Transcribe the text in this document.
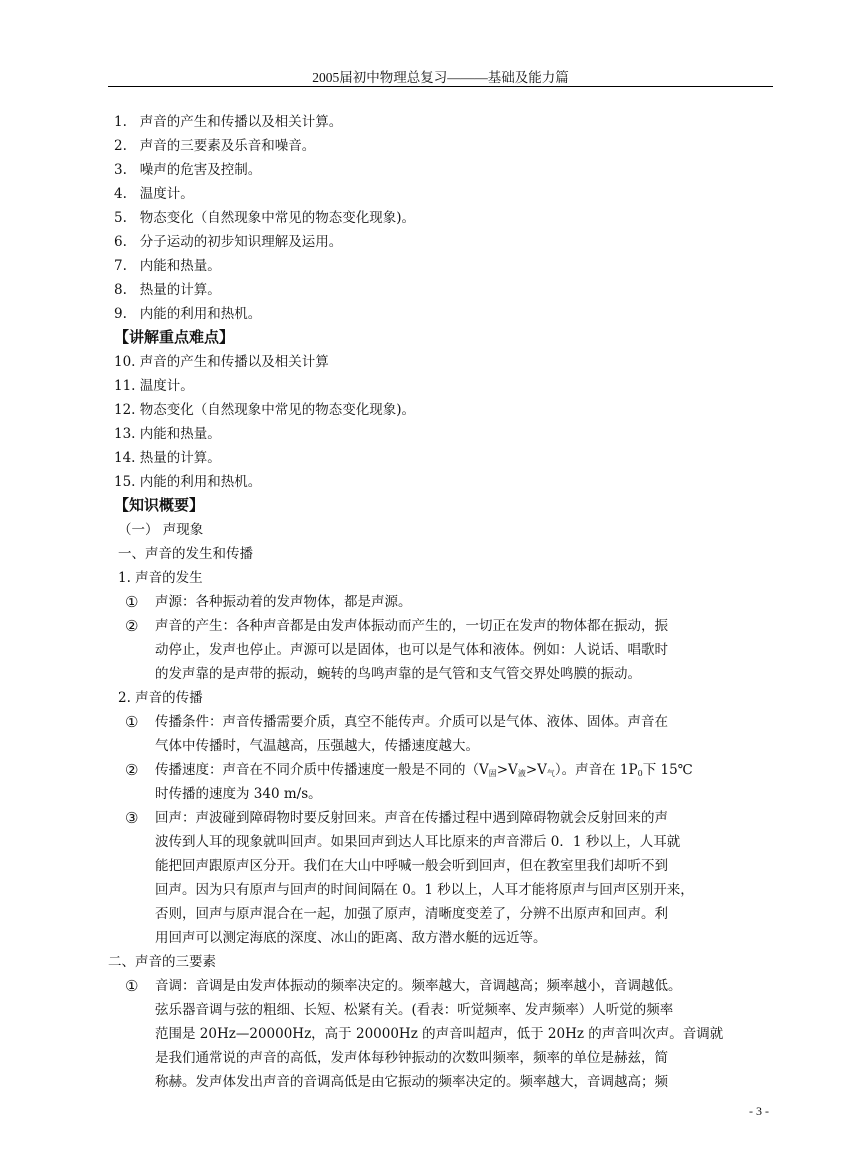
2005届初中物理总复习———基础及能力篇
1. 声音的产生和传播以及相关计算。
2. 声音的三要素及乐音和噪音。
3. 噪声的危害及控制。
4. 温度计。
5. 物态变化（自然现象中常见的物态变化现象)。
6. 分子运动的初步知识理解及运用。
7. 内能和热量。
8. 热量的计算。
9. 内能的利用和热机。
【讲解重点难点】
10. 声音的产生和传播以及相关计算
11. 温度计。
12. 物态变化（自然现象中常见的物态变化现象)。
13. 内能和热量。
14. 热量的计算。
15. 内能的利用和热机。
【知识概要】
（一） 声现象
一、声音的发生和传播
1. 声音的发生
① 声源：各种振动着的发声物体，都是声源。
② 声音的产生：各种声音都是由发声体振动而产生的，一切正在发声的物体都在振动，振
动停止，发声也停止。声源可以是固体，也可以是气体和液体。例如：人说话、唱歌时
的发声靠的是声带的振动，蜿转的鸟鸣声靠的是气管和支气管交界处鸣膜的振动。
2. 声音的传播
① 传播条件：声音传播需要介质，真空不能传声。介质可以是气体、液体、固体。声音在
气体中传播时，气温越高，压强越大，传播速度越大。
② 传播速度：声音在不同介质中传播速度一般是不同的$(V_固>V_液>V_气)$。声音在 $1P_0$下 15℃
时传播的速度为 340 m/s。
③ 回声：声波碰到障碍物时要反射回来。声音在传播过程中遇到障碍物就会反射回来的声
波传到人耳的现象就叫回声。如果回声到达人耳比原来的声音滞后 0．1 秒以上，人耳就
能把回声跟原声区分开。我们在大山中呼喊一般会听到回声，但在教室里我们却听不到
回声。因为只有原声与回声的时间间隔在 0。1 秒以上，人耳才能将原声与回声区别开来，
否则，回声与原声混合在一起，加强了原声，清晰度变差了，分辨不出原声和回声。利
用回声可以测定海底的深度、冰山的距离、敌方潜水艇的远近等。
二、声音的三要素
① 音调：音调是由发声体振动的频率决定的。频率越大，音调越高；频率越小，音调越低。
弦乐器音调与弦的粗细、长短、松紧有关。(看表：听觉频率、发声频率）人听觉的频率
范围是 20Hz—20000Hz，高于 20000Hz 的声音叫超声，低于 20Hz 的声音叫次声。音调就
是我们通常说的声音的高低，发声体每秒钟振动的次数叫频率，频率的单位是赫兹，简
称赫。发声体发出声音的音调高低是由它振动的频率决定的。频率越大，音调越高；频
- 3 -
